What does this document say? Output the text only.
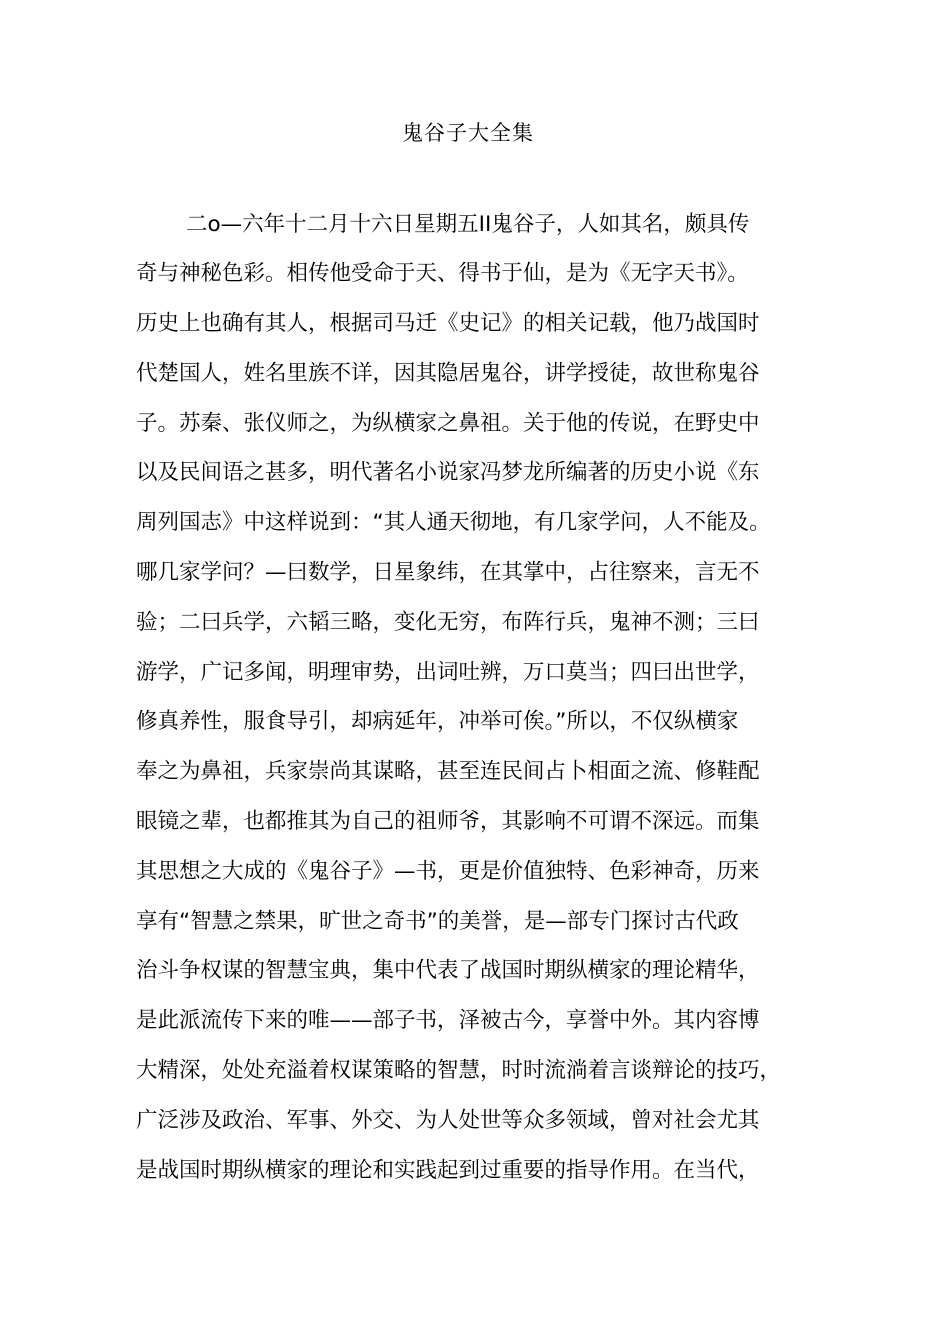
鬼谷子大全集
二o—六年十二月十六日星期五II鬼谷子，人如其名，颇具传
奇与神秘色彩。相传他受命于天、得书于仙，是为《无字天书》。
历史上也确有其人，根据司马迁《史记》的相关记载，他乃战国时
代楚国人，姓名里族不详，因其隐居鬼谷，讲学授徒，故世称鬼谷
子。苏秦、张仪师之，为纵横家之鼻祖。关于他的传说，在野史中
以及民间语之甚多，明代著名小说家冯梦龙所编著的历史小说《东
周列国志》中这样说到：“其人通天彻地，有几家学问，人不能及。
哪几家学问？—曰数学，日星象纬，在其掌中，占往察来，言无不
验；二曰兵学，六韬三略，变化无穷，布阵行兵，鬼神不测；三曰
游学，广记多闻，明理审势，出词吐辨，万口莫当；四曰出世学，
修真养性，服食导引，却病延年，冲举可俟。”所以，不仅纵横家
奉之为鼻祖，兵家崇尚其谋略，甚至连民间占卜相面之流、修鞋配
眼镜之辈，也都推其为自己的祖师爷，其影响不可谓不深远。而集
其思想之大成的《鬼谷子》—书，更是价值独特、色彩神奇，历来
享有“智慧之禁果，旷世之奇书”的美誉，是—部专门探讨古代政
治斗争权谋的智慧宝典，集中代表了战国时期纵横家的理论精华，
是此派流传下来的唯——部子书，泽被古今，享誉中外。其内容博
大精深，处处充溢着权谋策略的智慧，时时流淌着言谈辩论的技巧，
广泛涉及政治、军事、外交、为人处世等众多领域，曾对社会尤其
是战国时期纵横家的理论和实践起到过重要的指导作用。在当代，
